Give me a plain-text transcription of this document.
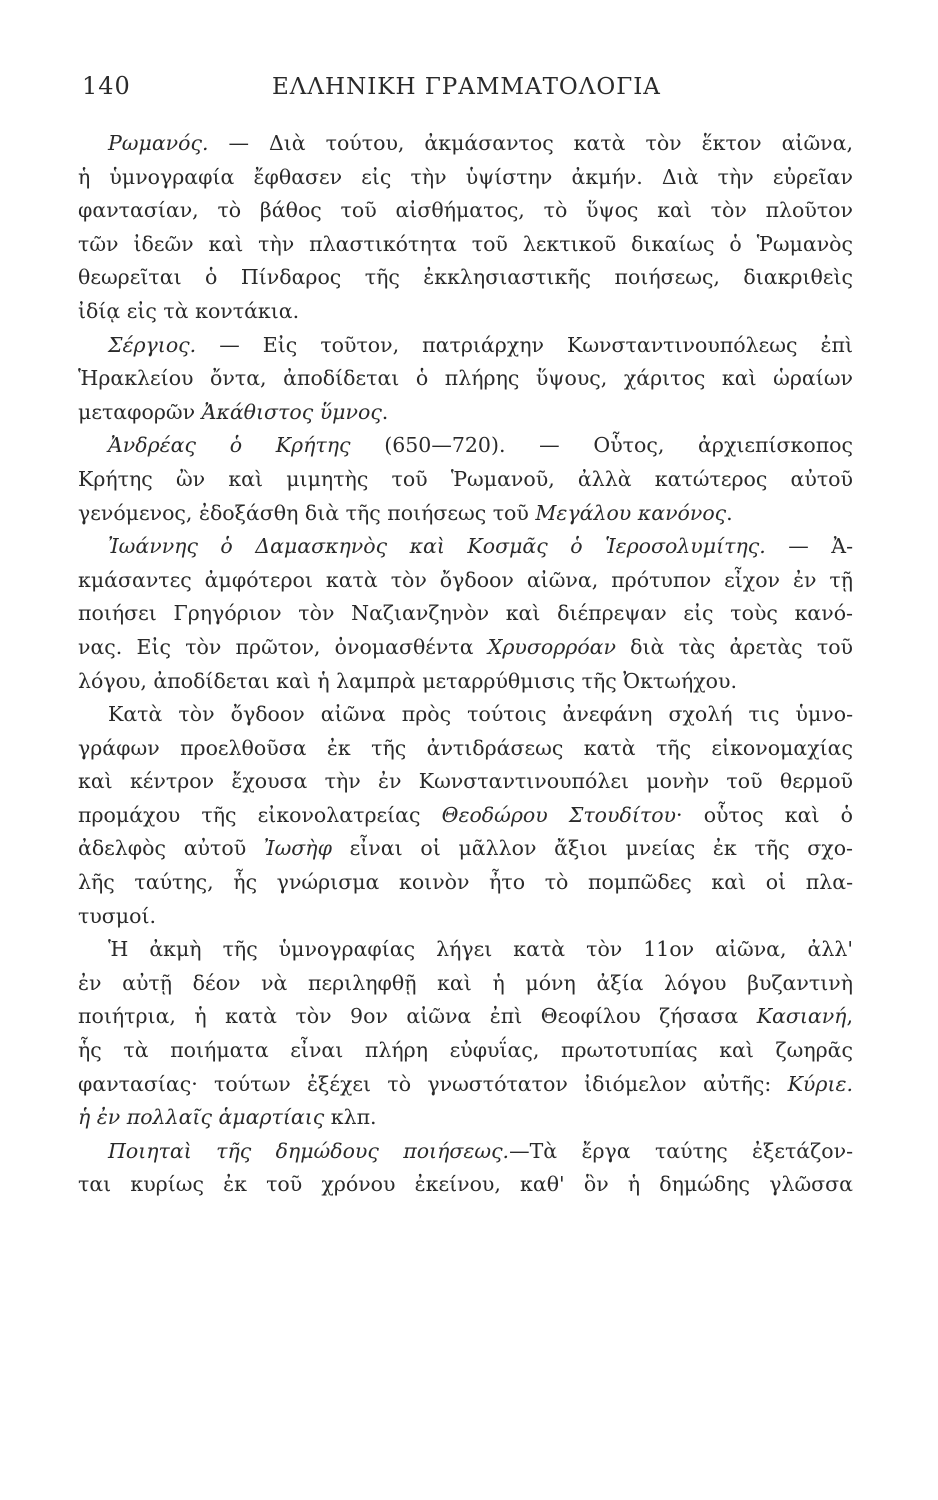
140	ΕΛΛΗΝΙΚΗ ΓΡΑΜΜΑΤΟΛΟΓΙΑ
Ρωμανός. — Διὰ τούτου, ἀκμάσαντος κατὰ τὸν ἕκτον αἰῶνα,
ἡ ὑμνογραφία ἔφθασεν εἰς τὴν ὑψίστην ἀκμήν. Διὰ τὴν εὐρεῖαν
φαντασίαν, τὸ βάθος τοῦ αἰσθήματος, τὸ ὕψος καὶ τὸν πλοῦτον
τῶν ἰδεῶν καὶ τὴν πλαστικότητα τοῦ λεκτικοῦ δικαίως ὁ Ῥωμανὸς
θεωρεῖται ὁ Πίνδαρος τῆς ἐκκλησιαστικῆς ποιήσεως, διακριθεὶς
ἰδίᾳ εἰς τὰ κοντάκια.
Σέργιος. — Εἰς τοῦτον, πατριάρχην Κωνσταντινουπόλεως ἐπὶ
Ἡρακλείου ὄντα, ἀποδίδεται ὁ πλήρης ὕψους, χάριτος καὶ ὡραίων
μεταφορῶν Ἀκάθιστος ὕμνος.
Ἀνδρέας ὁ Κρήτης (650—720). — Οὗτος, ἀρχιεπίσκοπος
Κρήτης ὢν καὶ μιμητὴς τοῦ Ῥωμανοῦ, ἀλλὰ κατώτερος αὐτοῦ
γενόμενος, ἐδοξάσθη διὰ τῆς ποιήσεως τοῦ Μεγάλου κανόνος.
Ἰωάννης ὁ Δαμασκηνὸς καὶ Κοσμᾶς ὁ Ἱεροσολυμίτης. — Ἀ-
κμάσαντες ἀμφότεροι κατὰ τὸν ὄγδοον αἰῶνα, πρότυπον εἶχον ἐν τῇ
ποιήσει Γρηγόριον τὸν Ναζιανζηνὸν καὶ διέπρεψαν εἰς τοὺς κανό-
νας. Εἰς τὸν πρῶτον, ὀνομασθέντα Χρυσορρόαν διὰ τὰς ἀρετὰς τοῦ
λόγου, ἀποδίδεται καὶ ἡ λαμπρὰ μεταρρύθμισις τῆς Ὀκτωήχου.
Κατὰ τὸν ὄγδοον αἰῶνα πρὸς τούτοις ἀνεφάνη σχολή τις ὑμνο-
γράφων προελθοῦσα ἐκ τῆς ἀντιδράσεως κατὰ τῆς εἰκονομαχίας
καὶ κέντρον ἔχουσα τὴν ἐν Κωνσταντινουπόλει μονὴν τοῦ θερμοῦ
προμάχου τῆς εἰκονολατρείας Θεοδώρου Στουδίτου· οὗτος καὶ ὁ
ἀδελφὸς αὐτοῦ Ἰωσὴφ εἶναι οἱ μᾶλλον ἄξιοι μνείας ἐκ τῆς σχο-
λῆς ταύτης, ἧς γνώρισμα κοινὸν ἦτο τὸ πομπῶδες καὶ οἱ πλα-
τυσμοί.
Ἡ ἀκμὴ τῆς ὑμνογραφίας λήγει κατὰ τὸν 11ον αἰῶνα, ἀλλ'
ἐν αὐτῇ δέον νὰ περιληφθῇ καὶ ἡ μόνη ἀξία λόγου βυζαντινὴ
ποιήτρια, ἡ κατὰ τὸν 9ον αἰῶνα ἐπὶ Θεοφίλου ζήσασα Κασιανή,
ἧς τὰ ποιήματα εἶναι πλήρη εὐφυΐας, πρωτοτυπίας καὶ ζωηρᾶς
φαντασίας· τούτων ἐξέχει τὸ γνωστότατον ἰδιόμελον αὐτῆς: Κύριε.
ἡ ἐν πολλαῖς ἁμαρτίαις κλπ.
Ποιηταὶ τῆς δημώδους ποιήσεως.—Τὰ ἔργα ταύτης ἐξετάζον-
ται κυρίως ἐκ τοῦ χρόνου ἐκείνου, καθ' ὃν ἡ δημώδης γλῶσσα
